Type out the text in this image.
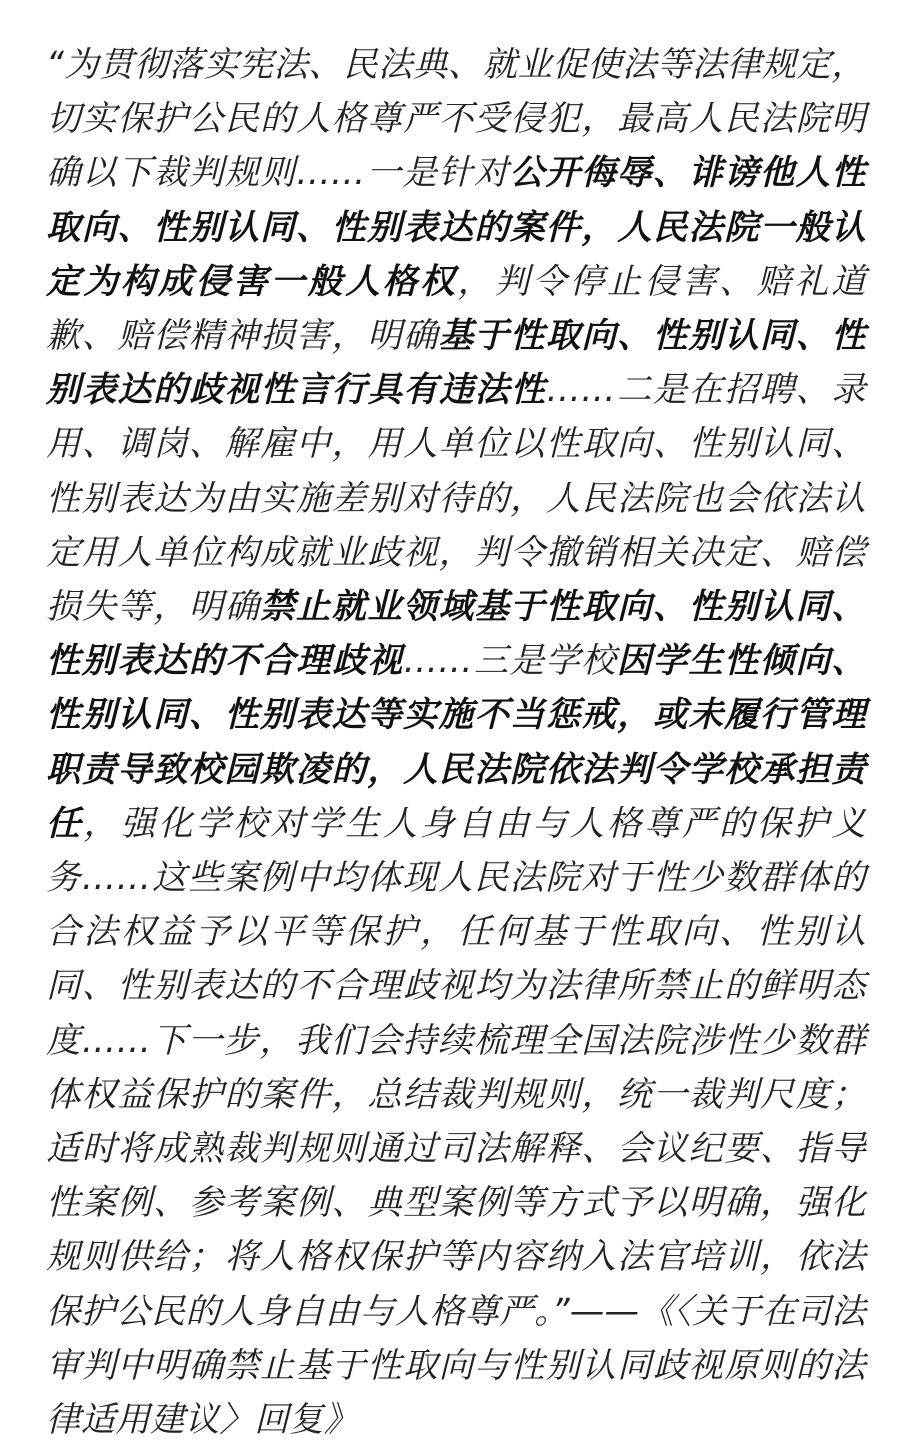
“为贯彻落实宪法、民法典、就业促使法等法律规定，切实保护公民的人格尊严不受侵犯，最高人民法院明确以下裁判规则……一是针对公开侮辱、诽谤他人性取向、性别认同、性别表达的案件，人民法院一般认定为构成侵害一般人格权，判令停止侵害、赔礼道歉、赔偿精神损害，明确基于性取向、性别认同、性别表达的歧视性言行具有违法性……二是在招聘、录用、调岗、解雇中，用人单位以性取向、性别认同、性别表达为由实施差别对待的，人民法院也会依法认定用人单位构成就业歧视，判令撤销相关决定、赔偿损失等，明确禁止就业领域基于性取向、性别认同、性别表达的不合理歧视……三是学校因学生性倾向、性别认同、性别表达等实施不当惩戒，或未履行管理职责导致校园欺凌的，人民法院依法判令学校承担责任，强化学校对学生人身自由与人格尊严的保护义务……这些案例中均体现人民法院对于性少数群体的合法权益予以平等保护，任何基于性取向、性别认同、性别表达的不合理歧视均为法律所禁止的鲜明态度……下一步，我们会持续梳理全国法院涉性少数群体权益保护的案件，总结裁判规则，统一裁判尺度；适时将成熟裁判规则通过司法解释、会议纪要、指导性案例、参考案例、典型案例等方式予以明确，强化规则供给；将人格权保护等内容纳入法官培训，依法保护公民的人身自由与人格尊严。”——《〈关于在司法审判中明确禁止基于性取向与性别认同歧视原则的法律适用建议〉回复》
